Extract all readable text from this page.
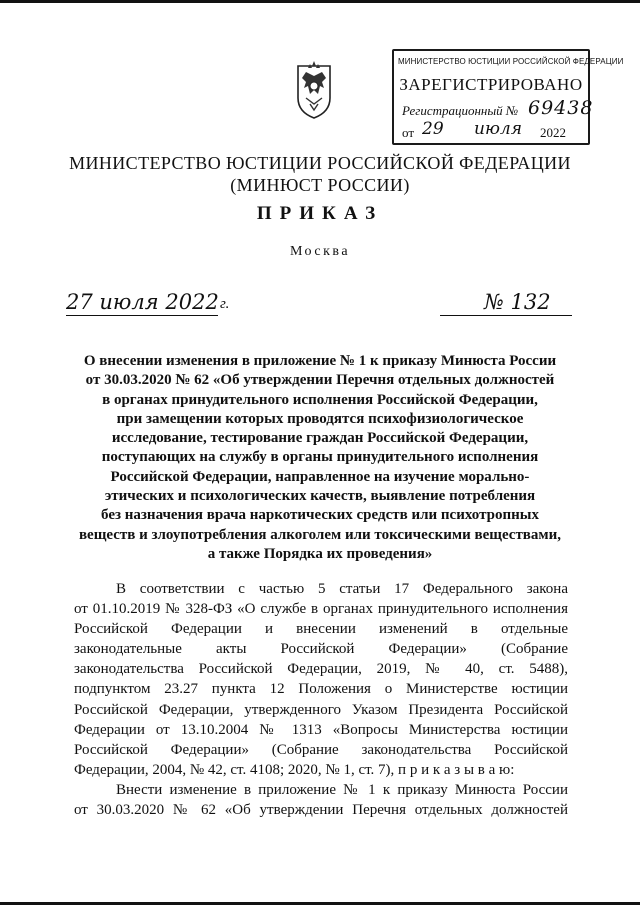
МИНИСТЕРСТВО ЮСТИЦИИ РОССИЙСКОЙ ФЕДЕРАЦИИ
ЗАРЕГИСТРИРОВАНО
Регистрационный № 69438
от 29 июля 2022
МИНИСТЕРСТВО ЮСТИЦИИ РОССИЙСКОЙ ФЕДЕРАЦИИ
(МИНЮСТ РОССИИ)
ПРИКАЗ
Москва
27 июля 2022 г.	№ 132
О внесении изменения в приложение № 1 к приказу Минюста России
от 30.03.2020 № 62 «Об утверждении Перечня отдельных должностей
в органах принудительного исполнения Российской Федерации,
при замещении которых проводятся психофизиологическое
исследование, тестирование граждан Российской Федерации,
поступающих на службу в органы принудительного исполнения
Российской Федерации, направленное на изучение морально-
этических и психологических качеств, выявление потребления
без назначения врача наркотических средств или психотропных
веществ и злоупотребления алкоголем или токсическими веществами,
а также Порядка их проведения»
В соответствии с частью 5 статьи 17 Федерального закона
от 01.10.2019 № 328-ФЗ «О службе в органах принудительного исполнения
Российской Федерации и внесении изменений в отдельные
законодательные акты Российской Федерации» (Собрание
законодательства Российской Федерации, 2019, № 40, ст. 5488),
подпунктом 23.27 пункта 12 Положения о Министерстве юстиции
Российской Федерации, утвержденного Указом Президента Российской
Федерации от 13.10.2004 № 1313 «Вопросы Министерства юстиции
Российской Федерации» (Собрание законодательства Российской
Федерации, 2004, № 42, ст. 4108; 2020, № 1, ст. 7), п р и к а з ы в а ю:
Внести изменение в приложение № 1 к приказу Минюста России
от 30.03.2020 № 62 «Об утверждении Перечня отдельных должностей
